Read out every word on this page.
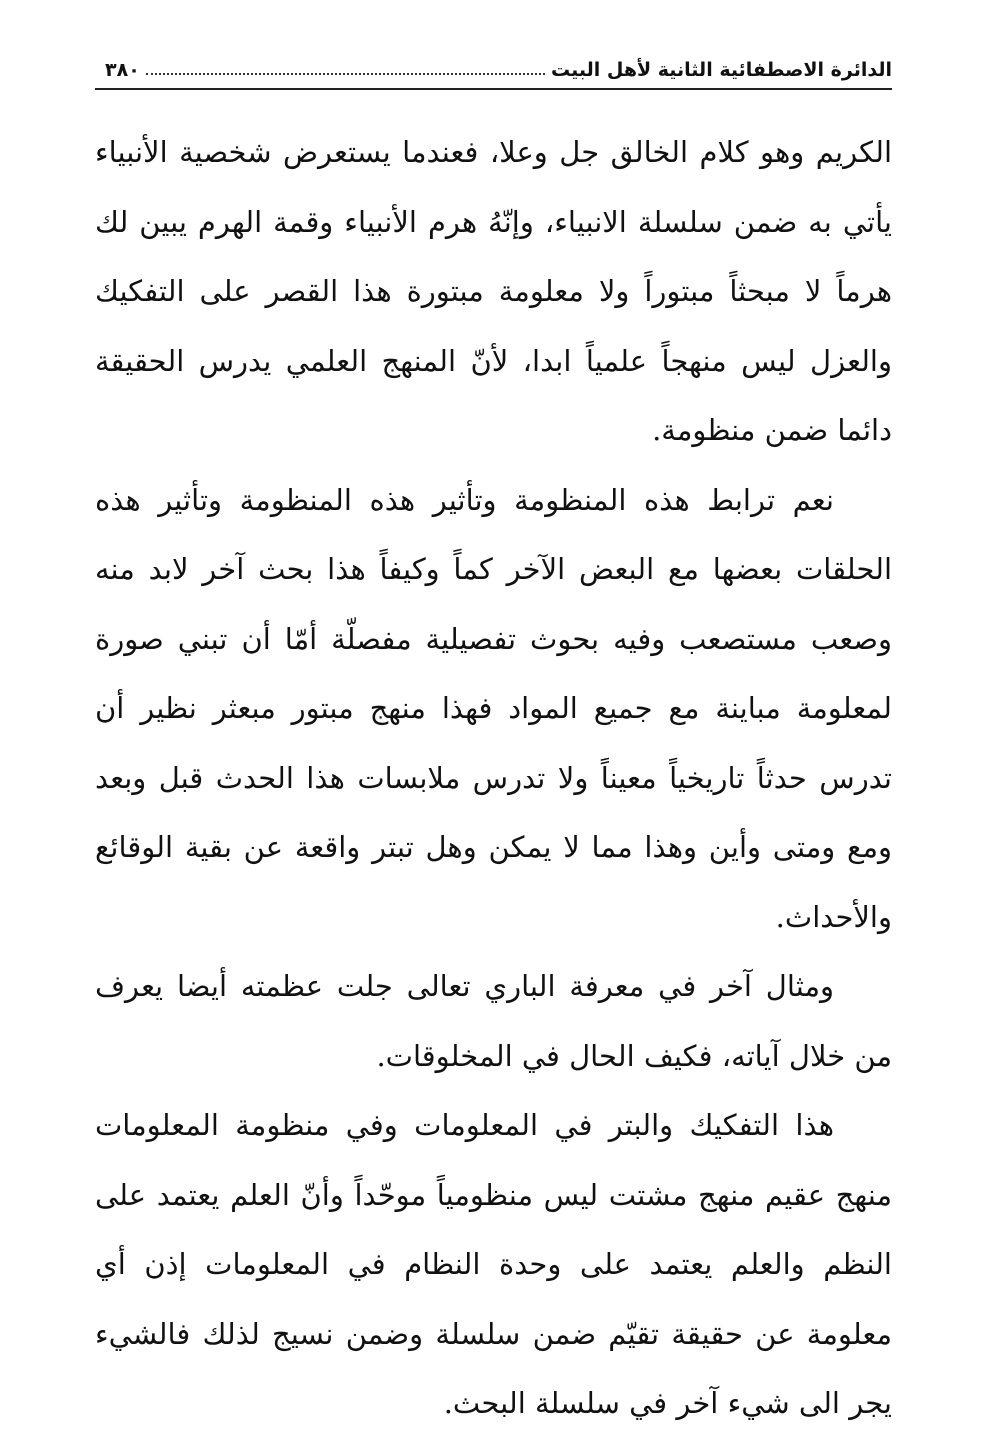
الدائرة الاصطفائية الثانية لأهل البيت⁣
٣٨٠

الكريم وهو كلام الخالق جل وعلا، فعندما يستعرض شخصية الأنبياء يأتي به ضمن سلسلة الانبياء، وإنّهُ هرم الأنبياء وقمة الهرم يبين لك هرماً لا مبحثاً مبتوراً ولا معلومة مبتورة هذا القصر على التفكيك والعزل ليس منهجاً علمياً ابدا، لأنّ المنهج العلمي يدرس الحقيقة دائما ضمن منظومة.

نعم ترابط هذه المنظومة وتأثير هذه المنظومة وتأثير هذه الحلقات بعضها مع البعض الآخر كماً وكيفاً هذا بحث آخر لابد منه وصعب مستصعب وفيه بحوث تفصيلية مفصلّة أمّا أن تبني صورة لمعلومة مباينة مع جميع المواد فهذا منهج مبتور مبعثر نظير أن تدرس حدثاً تاريخياً معيناً ولا تدرس ملابسات هذا الحدث قبل وبعد ومع ومتى وأين وهذا مما لا يمكن وهل تبتر واقعة عن بقية الوقائع والأحداث.

ومثال آخر في معرفة الباري تعالى جلت عظمته أيضا يعرف من خلال آياته، فكيف الحال في المخلوقات.

هذا التفكيك والبتر في المعلومات وفي منظومة المعلومات منهج عقيم منهج مشتت ليس منظومياً موحّداً وأنّ العلم يعتمد على النظم والعلم يعتمد على وحدة النظام في المعلومات إذن أي معلومة عن حقيقة تقيّم ضمن سلسلة وضمن نسيج لذلك فالشيء يجر الى شيء آخر في سلسلة البحث.
